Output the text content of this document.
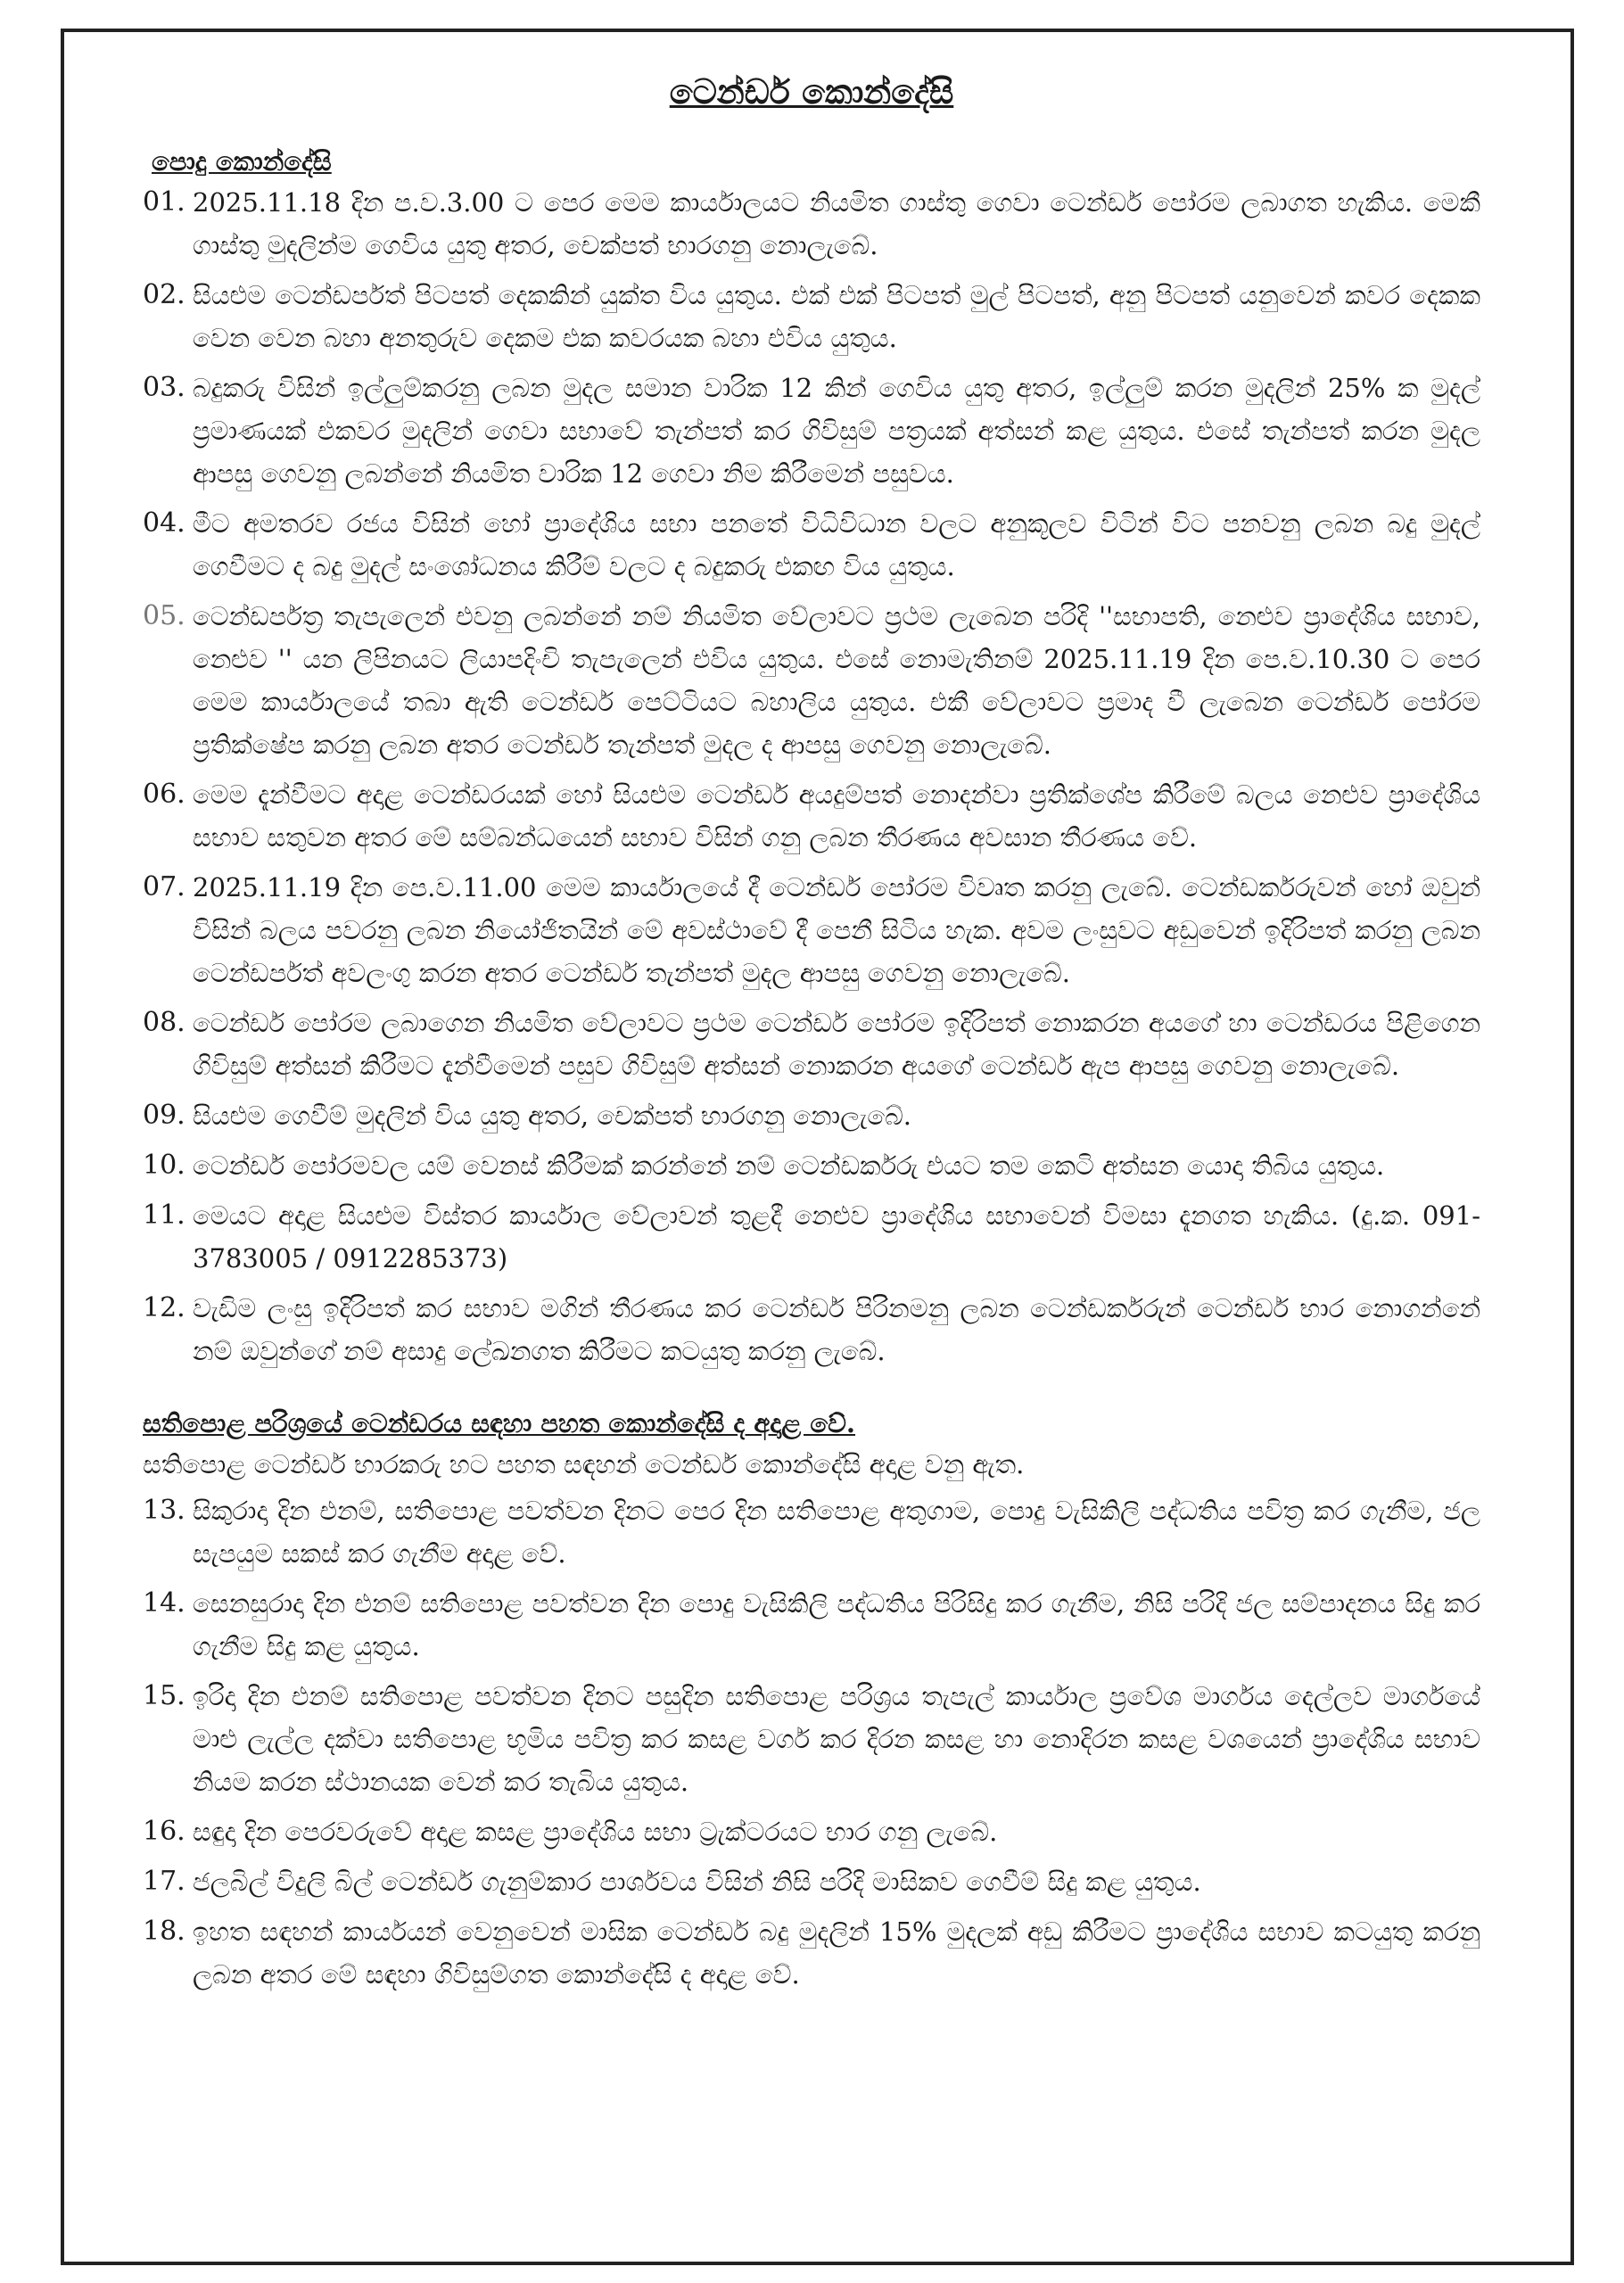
ටෙන්ඩර් කොන්දේසි
පොදු කොන්දේසි
01. 2025.11.18 දින ප.ව.3.00 ට පෙර මෙම කාර්යාලයට නියමිත ගාස්තු ගෙවා ටෙන්ඩර් පෝරම ලබාගත හැකිය. මෙකී ගාස්තු මුදලින්ම ගෙවිය යුතු අතර, චෙක්පත් භාරගනු නොලැබේ.
02. සියළුම ටෙන්ඩර්පත් පිටපත් දෙකකින් යුක්ත විය යුතුය. එක් එක් පිටපත් මුල් පිටපත්, අනු පිටපත් යනුවෙන් කවර දෙකක වෙන වෙන බහා අනතුරුව දෙකම එක කවරයක බහා එවිය යුතුය.
03. බදුකරු විසින් ඉල්ලුම්කරනු ලබන මුදල සමාන වාරික 12 කින් ගෙවිය යුතු අතර, ඉල්ලුම් කරන මුදලින් 25% ක මුදල් ප්‍රමාණයක් එකවර මුදලින් ගෙවා සභාවේ තැන්පත් කර ගිවිසුම් පත්‍රයක් අත්සන් කළ යුතුය. එසේ තැන්පත් කරන මුදල ආපසු ගෙවනු ලබන්නේ නියමිත වාරික 12 ගෙවා නිම කිරීමෙන් පසුවය.
04. මීට අමතරව රජය විසින් හෝ ප්‍රාදේශිය සභා පනතේ විධිවිධාන වලට අනුකූලව විටින් විට පනවනු ලබන බදු මුදල් ගෙවීමට ද බදු මුදල් සංශෝධනය කිරීම් වලට ද බදුකරු එකඟ විය යුතුය.
05. ටෙන්ඩර්පත්‍ර තැපැලෙන් එවනු ලබන්නේ නම් නියමිත වේලාවට ප්‍රථම ලැබෙන පරිදි ''සභාපති, නෙළුව ප්‍රාදේශිය සභාව, නෙළුව '' යන ලිපිනයට ලියාපදිංචි තැපැලෙන් එවිය යුතුය. එසේ නොමැතිනම් 2025.11.19 දින පෙ.ව.10.30 ට පෙර මෙම කාර්යාලයේ තබා ඇති ටෙන්ඩර් පෙට්ටියට බහාලිය යුතුය. එකී වේලාවට ප්‍රමාද වී ලැබෙන ටෙන්ඩර් පෝරම ප්‍රතික්ෂේප කරනු ලබන අතර ටෙන්ඩර් තැන්පත් මුදල ද ආපසු ගෙවනු නොලැබේ.
06. මෙම දැන්වීමට අදාළ ටෙන්ඩරයක් හෝ සියළුම ටෙන්ඩර් අයදුම්පත් නොදන්වා ප්‍රතික්ශේප කිරීමේ බලය නෙළුව ප්‍රාදේශිය සභාව සතුවන අතර මේ සම්බන්ධයෙන් සභාව විසින් ගනු ලබන තීරණය අවසාන තීරණය වේ.
07. 2025.11.19 දින පෙ.ව.11.00 මෙම කාර්යාලයේ දී ටෙන්ඩර් පෝරම විවෘත කරනු ලැබේ. ටෙන්ඩර්කරුවන් හෝ ඔවුන් විසින් බලය පවරනු ලබන නියෝජිතයින් මේ අවස්ථාවේ දී පෙනී සිටිය හැක. අවම ලංසුවට අඩුවෙන් ඉදිරිපත් කරනු ලබන ටෙන්ඩර්පත් අවලංගු කරන අතර ටෙන්ඩර් තැන්පත් මුදල ආපසු ගෙවනු නොලැබේ.
08. ටෙන්ඩර් පෝරම ලබාගෙන නියමිත වේලාවට ප්‍රථම ටෙන්ඩර් පෝරම ඉදිරිපත් නොකරන අයගේ හා ටෙන්ඩරය පිළිගෙන ගිවිසුම් අත්සන් කිරීමට දැන්වීමෙන් පසුව ගිවිසුම් අත්සන් නොකරන අයගේ ටෙන්ඩර් ඇප ආපසු ගෙවනු නොලැබේ.
09. සියළුම ගෙවීම් මුදලින් විය යුතු අතර, චෙක්පත් භාරගනු නොලැබේ.
10. ටෙන්ඩර් පෝරමවල යම් වෙනස් කිරීමක් කරන්නේ නම් ටෙන්ඩර්කරු එයට තම කෙටි අත්සන යොදා තිබිය යුතුය.
11. මෙයට අදාළ සියළුම විස්තර කාර්යාල වේලාවන් තුළදී නෙළුව ප්‍රාදේශිය සභාවෙන් විමසා දැනගත හැකිය. (දු.ක. 091-3783005 / 0912285373)
12. වැඩිම ලංසු ඉදිරිපත් කර සභාව මගින් තීරණය කර ටෙන්ඩර් පිරිනමනු ලබන ටෙන්ඩර්කරුන් ටෙන්ඩර් භාර නොගන්නේ නම් ඔවුන්ගේ නම් අසාදු ලේඛනගත කිරීමට කටයුතු කරනු ලැබේ.
සතිපොළ පරිශ්‍රයේ ටෙන්ඩරය සඳහා පහත කොන්දේසි ද අදාළ වේ.
සතිපොළ ටෙන්ඩර් භාරකරු හට පහත සඳහන් ටෙන්ඩර් කොන්දේසි අදාළ වනු ඇත.
13. සිකුරාදා දින එනම්, සතිපොළ පවත්වන දිනට පෙර දින සතිපොළ අතුගාම, පොදු වැසිකිලි පද්ධතිය පවිත්‍ර කර ගැනීම, ජල සැපයුම සකස් කර ගැනීම අදාළ වේ.
14. සෙනසුරාදා දින එනම් සතිපොළ පවත්වන දින පොදු වැසිකිලි පද්ධතිය පිරිසිදු කර ගැනීම, නිසි පරිදි ජල සම්පාදනය සිදු කර ගැනීම සිදු කළ යුතුය.
15. ඉරිදා දින එනම් සතිපොළ පවත්වන දිනට පසුදින සතිපොළ පරිශ්‍රය තැපැල් කාර්යාල ප්‍රවේශ මාර්ගය දෙල්ලව මාර්ගයේ මාළු ලැල්ල දක්වා සතිපොළ භූමිය පවිත්‍ර කර කසළ වර්ග කර දිරන කසළ හා නොදිරන කසළ වශයෙන් ප්‍රාදේශිය සභාව නියම කරන ස්ථානයක වෙන් කර තැබිය යුතුය.
16. සඳුදා දින පෙරවරුවේ අදාළ කසළ ප්‍රාදේශිය සභා ට්‍රැක්ටරයට භාර ගනු ලැබේ.
17. ජලබිල් විදුලි බිල් ටෙන්ඩර් ගැනුම්කාර පාර්ශවය විසින් නිසි පරිදි මාසිකව ගෙවීම් සිදු කළ යුතුය.
18. ඉහත සඳහන් කාර්යයන් වෙනුවෙන් මාසික ටෙන්ඩර් බදු මුදලින් 15% මුදලක් අඩු කිරීමට ප්‍රාදේශිය සභාව කටයුතු කරනු ලබන අතර මේ සඳහා ගිවිසුම්ගත කොන්දේසි ද අදාළ වේ.
